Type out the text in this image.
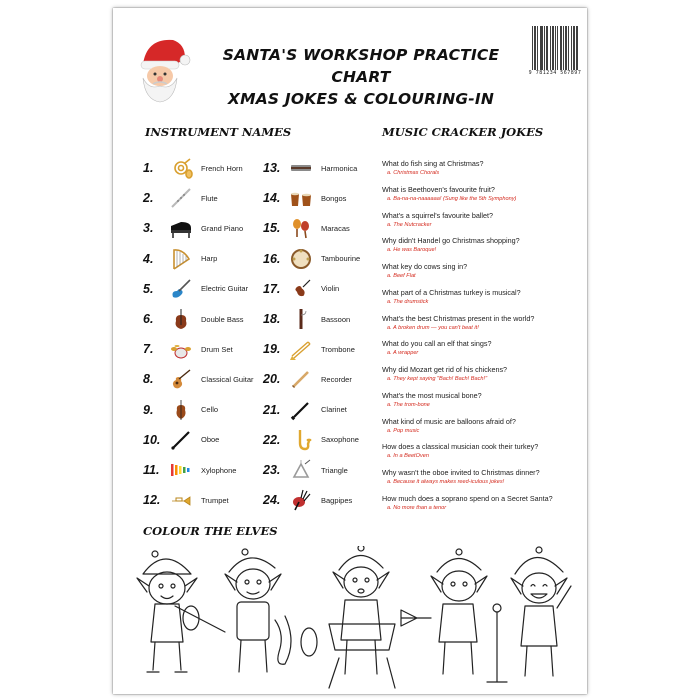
SANTA'S WORKSHOP PRACTICE CHART
XMAS JOKES & COLOURING-IN
9 781234 567897
INSTRUMENT NAMES	MUSIC CRACKER JOKES
1.	French Horn
2.	Flute
3.	Grand Piano
4.	Harp
5.	Electric Guitar
6.	Double Bass
7.	Drum Set
8.	Classical Guitar
9.	Cello
10.	Oboe
11.	Xylophone
12.	Trumpet
13.	Harmonica
14.	Bongos
15.	Maracas
16.	Tambourine
17.	Violin
18.	Bassoon
19.	Trombone
20.	Recorder
21.	Clarinet
22.	Saxophone
23.	Triangle
24.	Bagpipes
What do fish sing at Christmas?
a. Christmas Chorals
What is Beethoven's favourite fruit?
a. Ba-na-na-naaaaaa! (Sung like the 5th Symphony)
What's a squirrel's favourite ballet?
a. The Nutcracker
Why didn't Handel go Christmas shopping?
a. He was Baroque!
What key do cows sing in?
a. Beef Flat
What part of a Christmas turkey is musical?
a. The drumstick
What's the best Christmas present in the world?
a. A broken drum — you can't beat it!
What do you call an elf that sings?
a. A wrapper
Why did Mozart get rid of his chickens?
a. They kept saying "Bach! Bach! Bach!"
What's the most musical bone?
a. The trom-bone
What kind of music are balloons afraid of?
a. Pop music
How does a classical musician cook their turkey?
a. In a BeetOven
Why wasn't the oboe invited to Christmas dinner?
a. Because it always makes reed-iculous jokes!
How much does a soprano spend on a Secret Santa?
a. No more than a tenor
COLOUR THE ELVES
